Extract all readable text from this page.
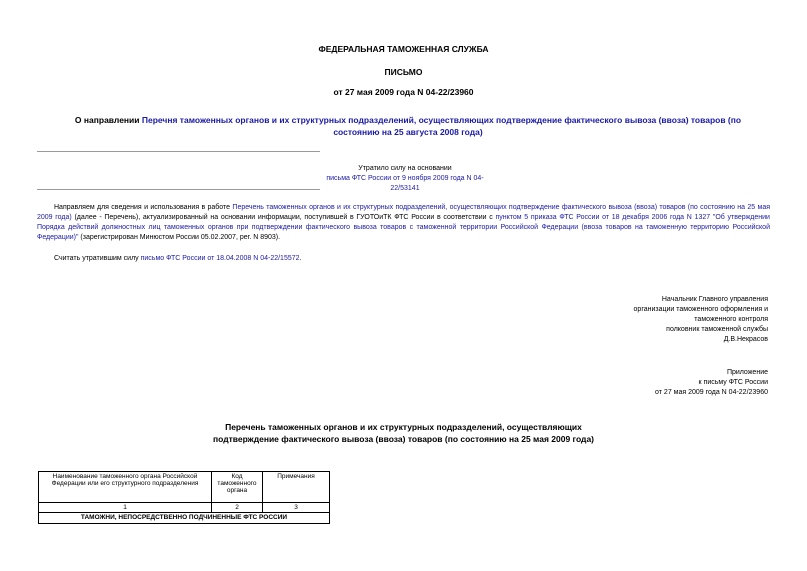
ФЕДЕРАЛЬНАЯ ТАМОЖЕННАЯ СЛУЖБА
ПИСЬМО
от 27 мая 2009 года N 04-22/23960
О направлении Перечня таможенных органов и их структурных подразделений, осуществляющих подтверждение фактического вывоза (ввоза) товаров (по состоянию на 25 августа 2008 года)
Утратило силу на основании
письма ФТС России от 9 ноября 2009 года N 04-22/53141
Направляем для сведения и использования в работе Перечень таможенных органов и их структурных подразделений, осуществляющих подтверждение фактического вывоза (ввоза) товаров (по состоянию на 25 мая 2009 года) (далее - Перечень), актуализированный на основании информации, поступившей в ГУОТОиТК ФТС России в соответствии с пунктом 5 приказа ФТС России от 18 декабря 2006 года N 1327 "Об утверждении Порядка действий должностных лиц таможенных органов при подтверждении фактического вывоза товаров с таможенной территории Российской Федерации (ввоза товаров на таможенную территорию Российской Федерации)" (зарегистрирован Минюстом России 05.02.2007, рег. N 8903).
Считать утратившим силу письмо ФТС России от 18.04.2008 N 04-22/15572.
Начальник Главного управления
организации таможенного оформления и
таможенного контроля
полковник таможенной службы
Д.В.Некрасов
Приложение
к письму ФТС России
от 27 мая 2009 года N 04-22/23960
Перечень таможенных органов и их структурных подразделений, осуществляющих
подтверждение фактического вывоза (ввоза) товаров (по состоянию на 25 мая 2009 года)
Наименование таможенного органа Российской Федерации или его структурного подразделения	Код таможенного органа	Примечания
1	2	3
ТАМОЖНИ, НЕПОСРЕДСТВЕННО ПОДЧИНЕННЫЕ ФТС РОССИИ		
